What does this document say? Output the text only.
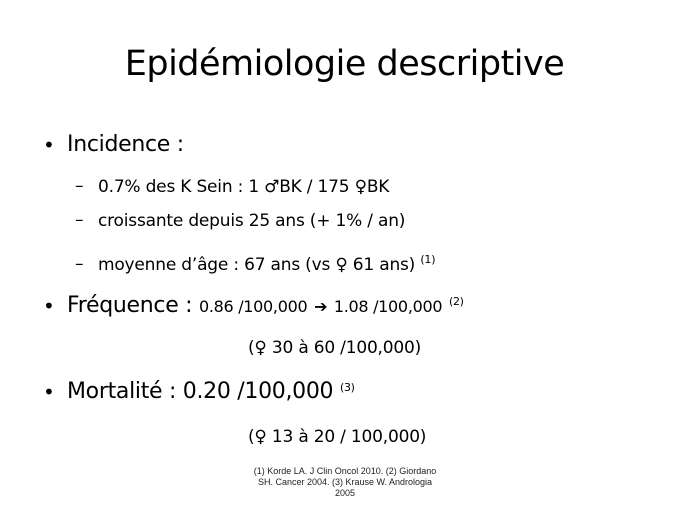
Epidémiologie descriptive
• Incidence :
– 0.7% des K Sein : 1 ♂BK / 175 ♀BK
– croissante depuis 25 ans (+ 1% / an)
– moyenne d’âge : 67 ans (vs ♀ 61 ans) $^{(1)}$
• Fréquence : 0.86 /100,000 ➔ 1.08 /100,000 $^{(2)}$
(♀ 30 à 60 /100,000)
• Mortalité : 0.20 /100,000 $^{(3)}$
(♀ 13 à 20 / 100,000)
(1) Korde LA. J Clin Oncol 2010. (2) Giordano
SH. Cancer 2004. (3) Krause W. Andrologia
2005
